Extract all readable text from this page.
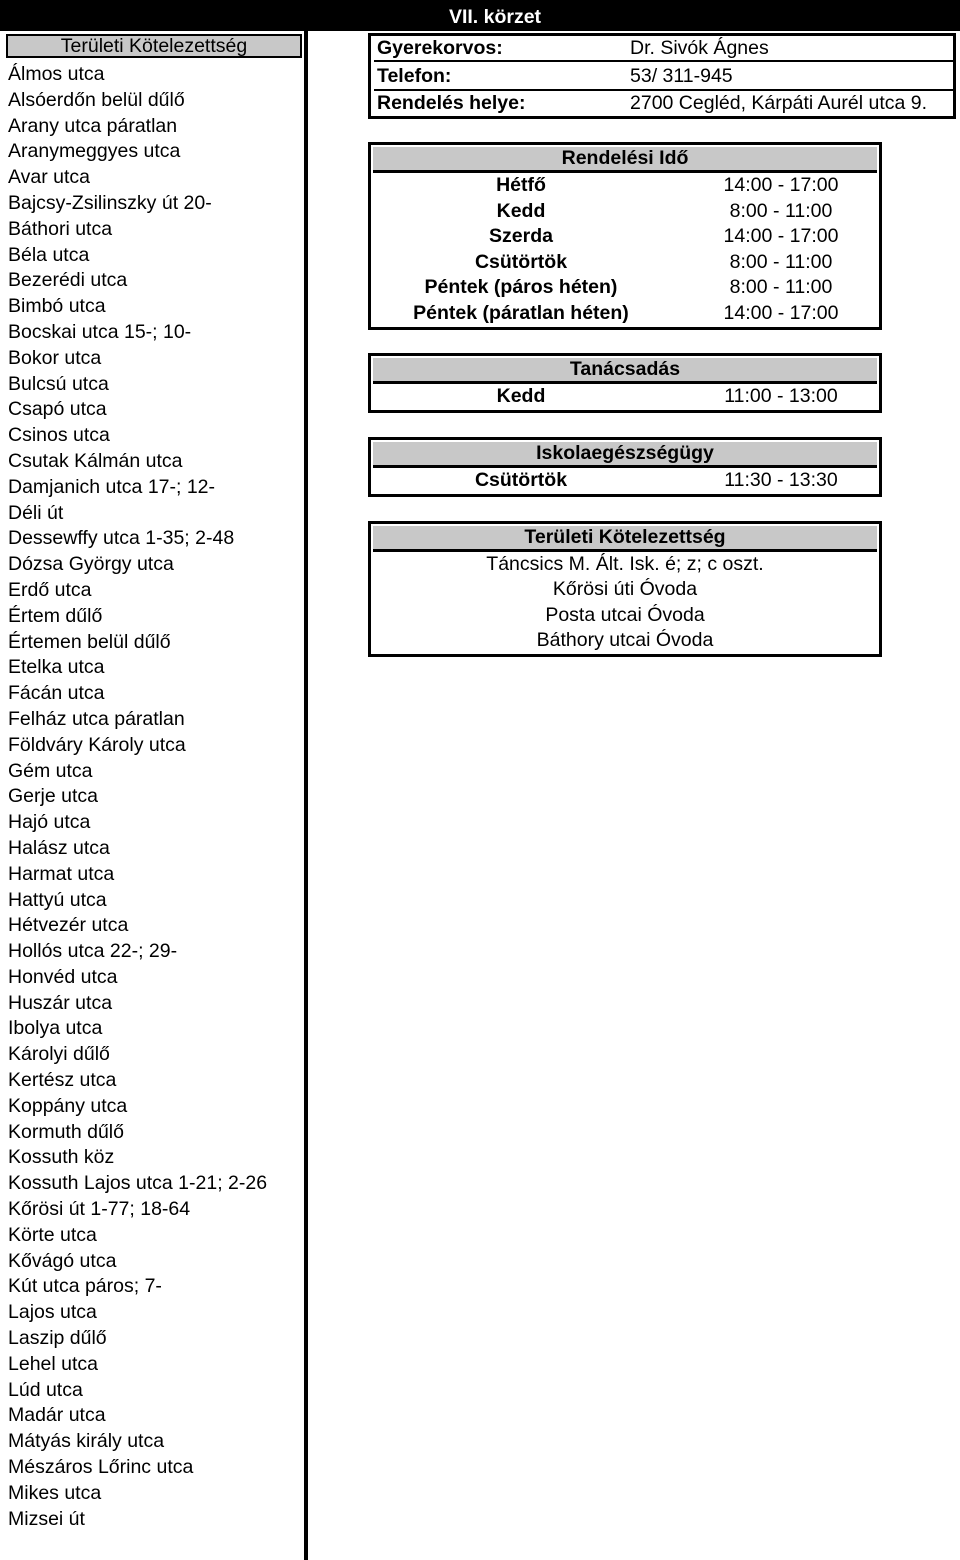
VII. körzet
Területi Kötelezettség
Álmos utca
Alsóerdőn belül dűlő
Arany utca páratlan
Aranymeggyes utca
Avar utca
Bajcsy-Zsilinszky út 20-
Báthori utca
Béla utca
Bezerédi utca
Bimbó utca
Bocskai utca 15-; 10-
Bokor utca
Bulcsú utca
Csapó utca
Csinos utca
Csutak Kálmán utca
Damjanich utca 17-; 12-
Déli út
Dessewffy utca 1-35; 2-48
Dózsa György utca
Erdő utca
Értem dűlő
Értemen belül dűlő
Etelka utca
Fácán utca
Felház utca páratlan
Földváry Károly utca
Gém utca
Gerje utca
Hajó utca
Halász utca
Harmat utca
Hattyú utca
Hétvezér utca
Hollós utca 22-; 29-
Honvéd utca
Huszár utca
Ibolya utca
Károlyi dűlő
Kertész utca
Koppány utca
Kormuth dűlő
Kossuth köz
Kossuth Lajos utca 1-21; 2-26
Kőrösi út 1-77; 18-64
Körte utca
Kővágó utca
Kút utca páros; 7-
Lajos utca
Laszip dűlő
Lehel utca
Lúd utca
Madár utca
Mátyás király utca
Mészáros Lőrinc utca
Mikes utca
Mizsei út
Gyerekorvos:	Dr. Sivók Ágnes
Telefon:	53/ 311-945
Rendelés helye:	2700 Cegléd, Kárpáti Aurél utca 9.
Rendelési Idő
Hétfő	14:00 - 17:00
Kedd	8:00 - 11:00
Szerda	14:00 - 17:00
Csütörtök	8:00 - 11:00
Péntek (páros héten)	8:00 - 11:00
Péntek (páratlan héten)	14:00 - 17:00
Tanácsadás
Kedd	11:00 - 13:00
Iskolaegészségügy
Csütörtök	11:30 - 13:30
Területi Kötelezettség
Táncsics M. Ált. Isk. é; z; c oszt.
Kőrösi úti Óvoda
Posta utcai Óvoda
Báthory utcai Óvoda
